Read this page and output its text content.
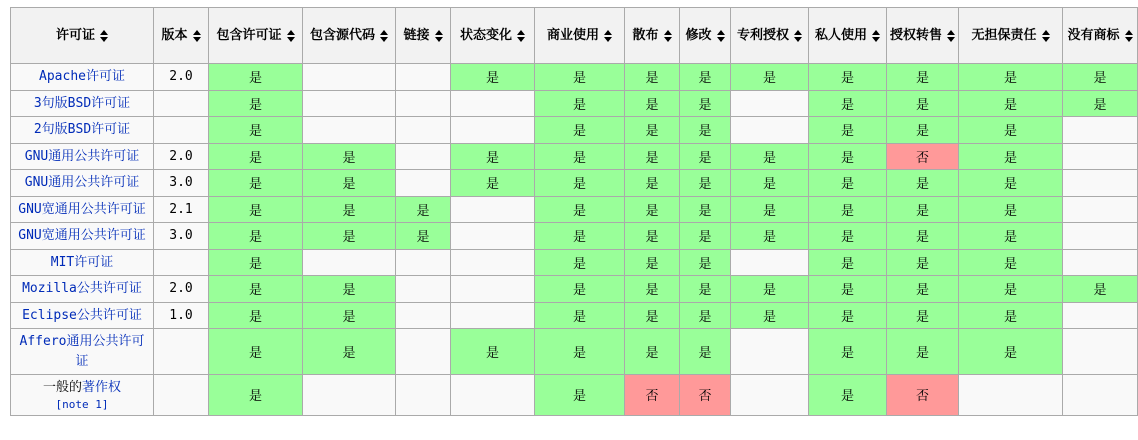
许可证	版本	包含许可证	包含源代码	链接	状态变化	商业使用	散布	修改	专利授权	私人使用	授权转售	无担保责任	没有商标

Apache许可证	2.0	是			是	是	是	是	是	是	是	是	是
3句版BSD许可证		是				是	是	是		是	是	是	是
2句版BSD许可证		是				是	是	是		是	是	是	
GNU通用公共许可证	2.0	是	是		是	是	是	是	是	是	否	是	
GNU通用公共许可证	3.0	是	是		是	是	是	是	是	是	是	是	
GNU宽通用公共许可证	2.1	是	是	是		是	是	是	是	是	是	是	
GNU宽通用公共许可证	3.0	是	是	是		是	是	是	是	是	是	是	
MIT许可证		是				是	是	是		是	是	是	
Mozilla公共许可证	2.0	是	是			是	是	是	是	是	是	是	是
Eclipse公共许可证	1.0	是	是			是	是	是	是	是	是	是	
Affero通用公共许可证		是	是		是	是	是	是		是	是	是	
一般的著作权
[note 1]		是				是	否	否		是	否		
